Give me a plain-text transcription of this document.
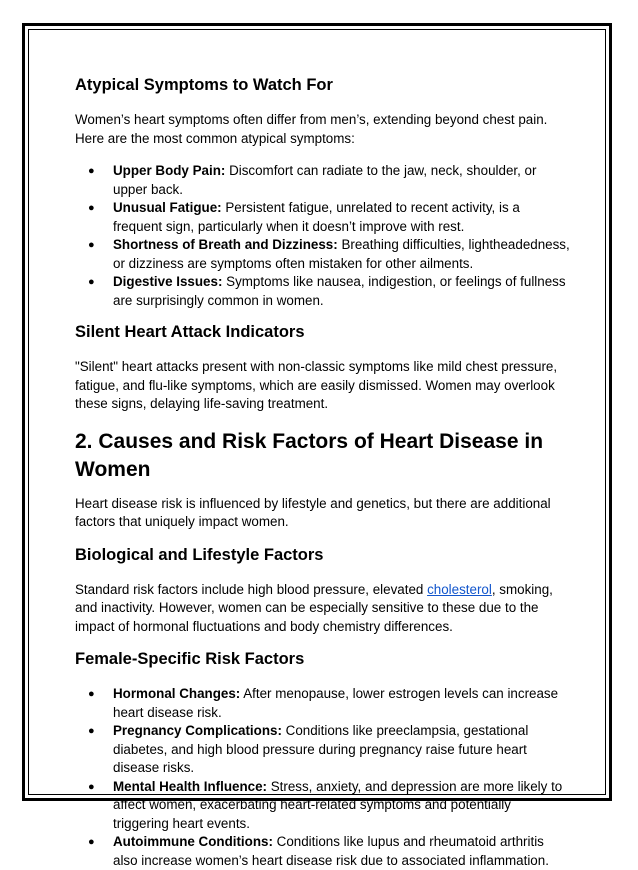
Atypical Symptoms to Watch For

Women’s heart symptoms often differ from men’s, extending beyond chest pain. Here are the most common atypical symptoms:

● Upper Body Pain: Discomfort can radiate to the jaw, neck, shoulder, or upper back.
● Unusual Fatigue: Persistent fatigue, unrelated to recent activity, is a frequent sign, particularly when it doesn’t improve with rest.
● Shortness of Breath and Dizziness: Breathing difficulties, lightheadedness, or dizziness are symptoms often mistaken for other ailments.
● Digestive Issues: Symptoms like nausea, indigestion, or feelings of fullness are surprisingly common in women.
Silent Heart Attack Indicators

"Silent" heart attacks present with non-classic symptoms like mild chest pressure, fatigue, and flu-like symptoms, which are easily dismissed. Women may overlook these signs, delaying life-saving treatment.

2. Causes and Risk Factors of Heart Disease in Women

Heart disease risk is influenced by lifestyle and genetics, but there are additional factors that uniquely impact women.

Biological and Lifestyle Factors

Standard risk factors include high blood pressure, elevated cholesterol, smoking, and inactivity. However, women can be especially sensitive to these due to the impact of hormonal fluctuations and body chemistry differences.

Female-Specific Risk Factors
● Hormonal Changes: After menopause, lower estrogen levels can increase heart disease risk.
● Pregnancy Complications: Conditions like preeclampsia, gestational diabetes, and high blood pressure during pregnancy raise future heart disease risks.
● Mental Health Influence: Stress, anxiety, and depression are more likely to affect women, exacerbating heart-related symptoms and potentially triggering heart events.
● Autoimmune Conditions: Conditions like lupus and rheumatoid arthritis also increase women’s heart disease risk due to associated inflammation.
